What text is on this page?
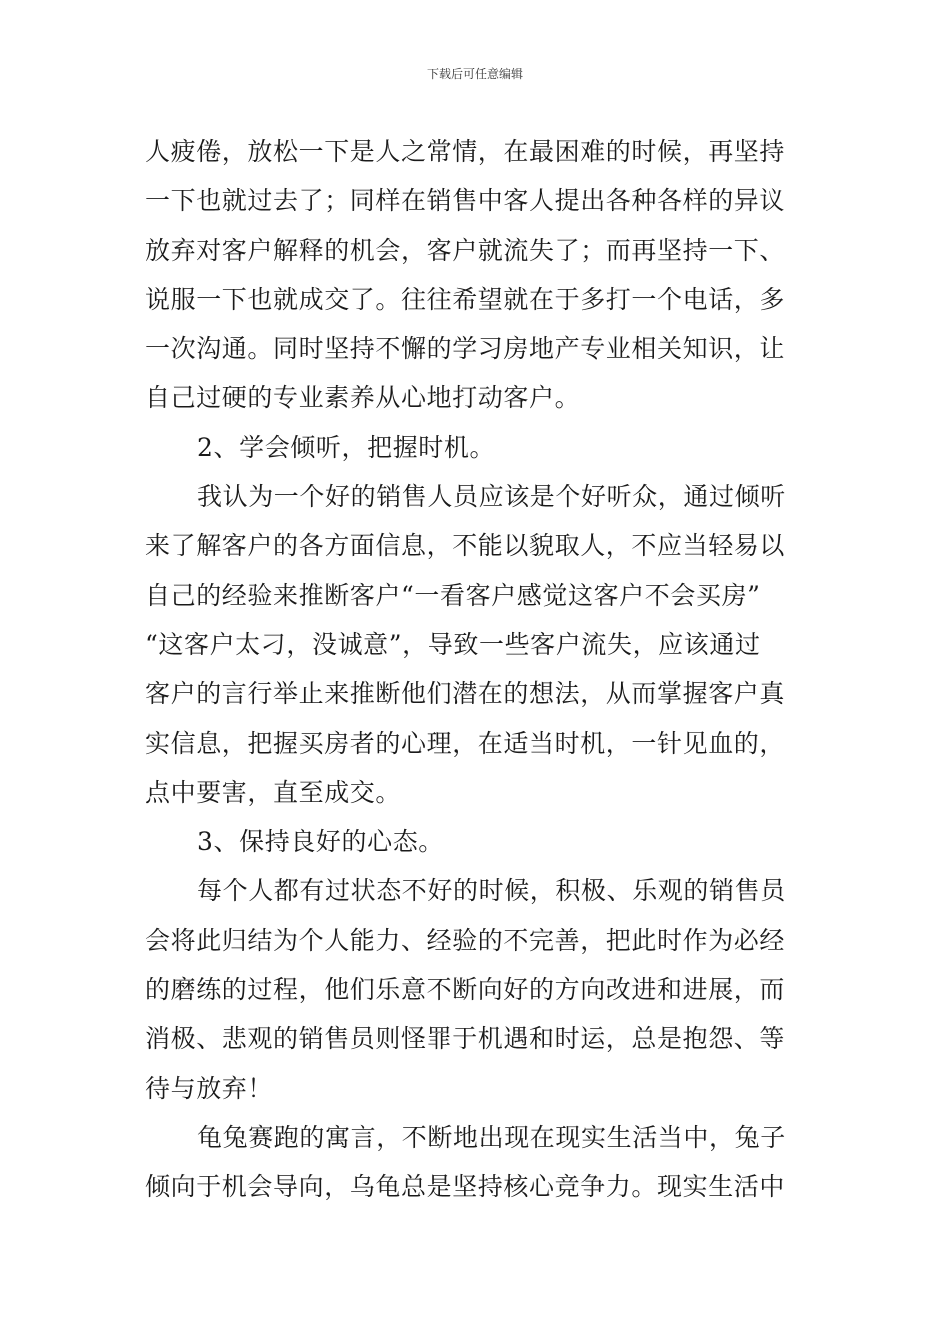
下载后可任意编辑
人疲倦，放松一下是人之常情，在最困难的时候，再坚持
一下也就过去了；同样在销售中客人提出各种各样的异议
放弃对客户解释的机会，客户就流失了；而再坚持一下、
说服一下也就成交了。往往希望就在于多打一个电话，多
一次沟通。同时坚持不懈的学习房地产专业相关知识，让
自己过硬的专业素养从心地打动客户。
2、学会倾听，把握时机。
我认为一个好的销售人员应该是个好听众，通过倾听
来了解客户的各方面信息，不能以貌取人，不应当轻易以
自己的经验来推断客户“一看客户感觉这客户不会买房”
“这客户太刁，没诚意”，导致一些客户流失，应该通过
客户的言行举止来推断他们潜在的想法，从而掌握客户真
实信息，把握买房者的心理，在适当时机，一针见血的，
点中要害，直至成交。
3、保持良好的心态。
每个人都有过状态不好的时候，积极、乐观的销售员
会将此归结为个人能力、经验的不完善，把此时作为必经
的磨练的过程，他们乐意不断向好的方向改进和进展，而
消极、悲观的销售员则怪罪于机遇和时运，总是抱怨、等
待与放弃！
龟兔赛跑的寓言，不断地出现在现实生活当中，兔子
倾向于机会导向，乌龟总是坚持核心竞争力。现实生活中
